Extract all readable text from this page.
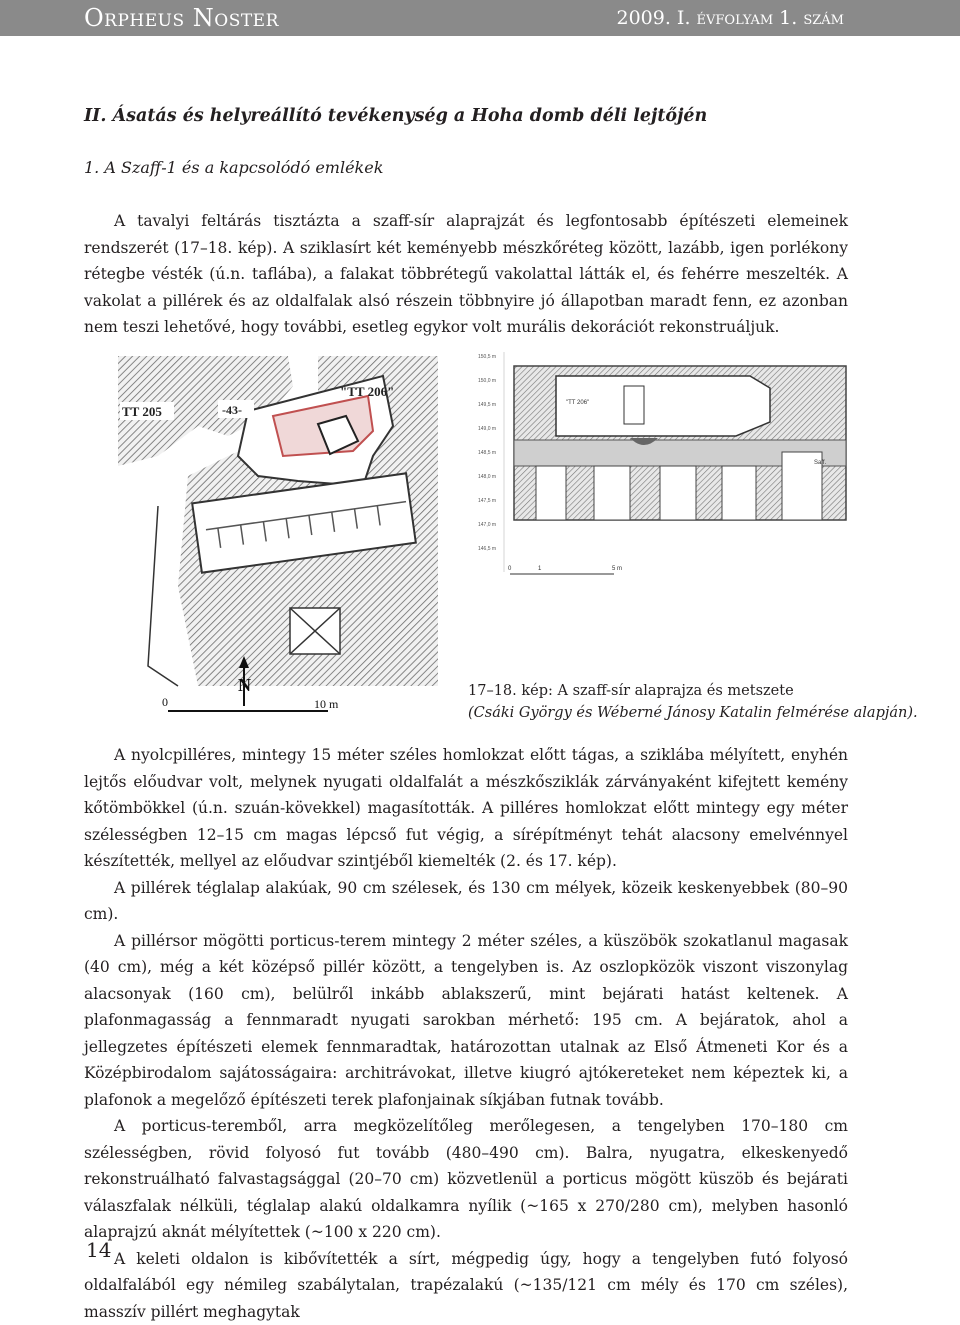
Orpheus Noster	2009. I. évfolyam 1. szám
II. Ásatás és helyreállító tevékenység a Hoha domb déli lejtőjén
1. A Szaff-1 és a kapcsolódó emlékek

A tavalyi feltárás tisztázta a szaff-sír alaprajzát és legfontosabb építészeti elemeinek rendszerét (17–18. kép). A sziklasírt két keményebb mészkőréteg között, lazább, igen porlékony rétegbe vésték (ú.n. taflába), a falakat többrétegű vakolattal látták el, és fehérre meszelték. A vakolat a pillérek és az oldalfalak alsó részein többnyire jó állapotban maradt fenn, ez azonban nem teszi lehetővé, hogy további, esetleg egykor volt murális dekorációt rekonstruáljuk.

TT 205	-43-
"TT 206"
N
0	10 m
150,5 m
150,0 m
149,5 m
149,0 m
148,5 m
148,0 m
147,5 m
147,0 m
146,5 m
"TT 206"
Saff.
0	1	5 m
17–18. kép: A szaff-sír alaprajza és metszete
(Csáki György és Wéberné Jánosy Katalin felmérése alapján).

A nyolcpilléres, mintegy 15 méter széles homlokzat előtt tágas, a sziklába mélyített, enyhén lejtős előudvar volt, melynek nyugati oldalfalát a mészkősziklák zárványaként kifejtett kemény kőtömbökkel (ú.n. szuán-kövekkel) magasították. A pilléres homlokzat előtt mintegy egy méter szélességben 12–15 cm magas lépcső fut végig, a sírépítményt tehát alacsony emelvénnyel készítették, mellyel az előudvar szintjéből kiemelték (2. és 17. kép).

A pillérek téglalap alakúak, 90 cm szélesek, és 130 cm mélyek, közeik keskenyebbek (80–90 cm).

A pillérsor mögötti porticus-terem mintegy 2 méter széles, a küszöbök szokatlanul magasak (40 cm), még a két középső pillér között, a tengelyben is. Az oszlopközök viszont viszonylag alacsonyak (160 cm), belülről inkább ablakszerű, mint bejárati hatást keltenek. A plafonmagasság a fennmaradt nyugati sarokban mérhető: 195 cm. A bejáratok, ahol a jellegzetes építészeti elemek fennmaradtak, határozottan utalnak az Első Átmeneti Kor és a Középbirodalom sajátosságaira: architrávokat, illetve kiugró ajtókereteket nem képeztek ki, a plafonok a megelőző építészeti terek plafonjainak síkjában futnak tovább.

A porticus-teremből, arra megközelítőleg merőlegesen, a tengelyben 170–180 cm szélességben, rövid folyosó fut tovább (480–490 cm). Balra, nyugatra, elkeskenyedő rekonstruálható falvastagsággal (20–70 cm) közvetlenül a porticus mögött küszöb és bejárati válaszfalak nélküli, téglalap alakú oldalkamra nyílik (~165 x 270/280 cm), melyben hasonló alaprajzú aknát mélyítettek (~100 x 220 cm).

A keleti oldalon is kibővítették a sírt, mégpedig úgy, hogy a tengelyben futó folyosó oldalfalából egy némileg szabálytalan, trapézalakú (~135/121 cm mély és 170 cm széles), masszív pillért meghagytak

14
